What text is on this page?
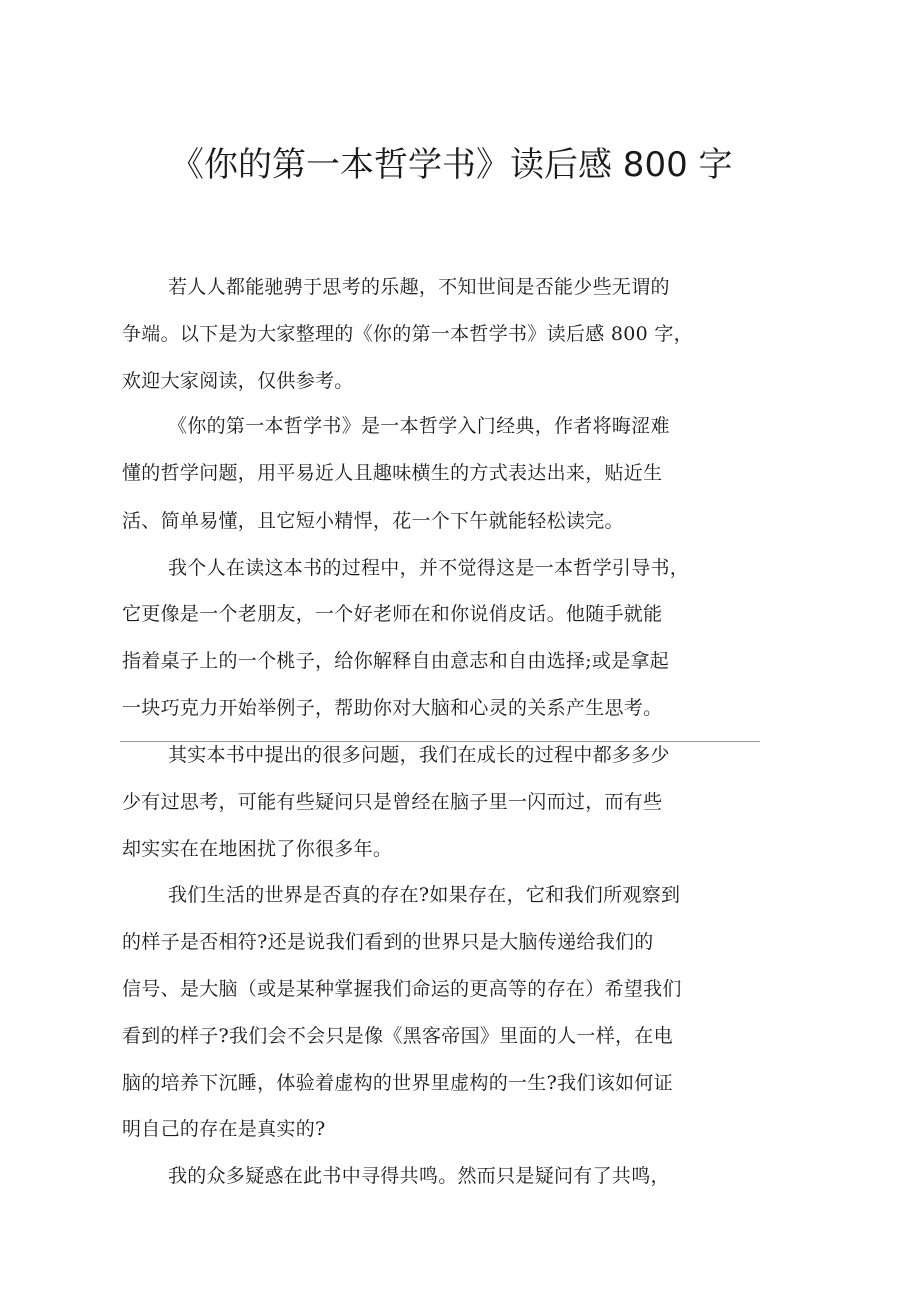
《你的第一本哲学书》读后感 800 字
若人人都能驰骋于思考的乐趣，不知世间是否能少些无谓的
争端。以下是为大家整理的《你的第一本哲学书》读后感 800 字，
欢迎大家阅读，仅供参考。
《你的第一本哲学书》是一本哲学入门经典，作者将晦涩难
懂的哲学问题，用平易近人且趣味横生的方式表达出来，贴近生
活、简单易懂，且它短小精悍，花一个下午就能轻松读完。
我个人在读这本书的过程中，并不觉得这是一本哲学引导书，
它更像是一个老朋友，一个好老师在和你说俏皮话。他随手就能
指着桌子上的一个桃子，给你解释自由意志和自由选择;或是拿起
一块巧克力开始举例子，帮助你对大脑和心灵的关系产生思考。
其实本书中提出的很多问题，我们在成长的过程中都多多少
少有过思考，可能有些疑问只是曾经在脑子里一闪而过，而有些
却实实在在地困扰了你很多年。
我们生活的世界是否真的存在?如果存在，它和我们所观察到
的样子是否相符?还是说我们看到的世界只是大脑传递给我们的
信号、是大脑（或是某种掌握我们命运的更高等的存在）希望我们
看到的样子?我们会不会只是像《黑客帝国》里面的人一样，在电
脑的培养下沉睡，体验着虚构的世界里虚构的一生?我们该如何证
明自己的存在是真实的?
我的众多疑惑在此书中寻得共鸣。然而只是疑问有了共鸣，
